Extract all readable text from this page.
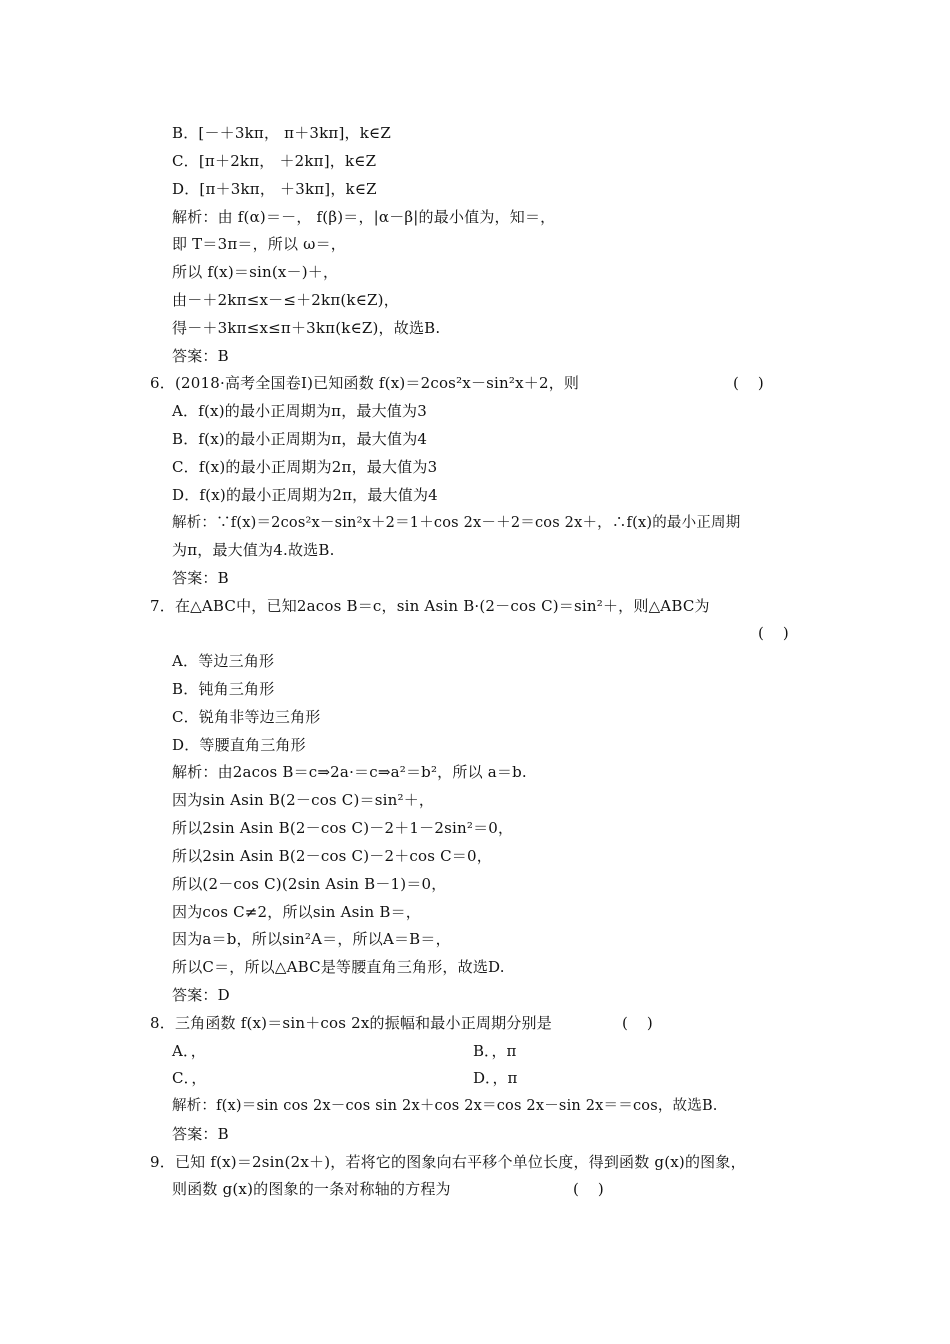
B．[－＋3kπ， π＋3kπ]，k∈Z
C．[π＋2kπ， ＋2kπ]，k∈Z
D．[π＋3kπ， ＋3kπ]，k∈Z
解析：由 f(α)＝－， f(β)＝，|α－β|的最小值为，知＝，
即 T＝3π＝，所以 ω＝，
所以 f(x)＝sin(x－)＋，
由－＋2kπ≤x－≤＋2kπ(k∈Z)，
得－＋3kπ≤x≤π＋3kπ(k∈Z)，故选B.
答案：B
6．(2018·高考全国卷Ⅰ)已知函数 f(x)＝2cos²x－sin²x＋2，则	(    )
A．f(x)的最小正周期为π，最大值为3
B．f(x)的最小正周期为π，最大值为4
C．f(x)的最小正周期为2π，最大值为3
D．f(x)的最小正周期为2π，最大值为4
解析：∵f(x)＝2cos²x－sin²x＋2＝1＋cos 2x－＋2＝cos 2x＋，∴f(x)的最小正周期
为π，最大值为4.故选B.
答案：B
7．在△ABC中，已知2acos B＝c，sin Asin B·(2－cos C)＝sin²＋，则△ABC为
(    )
A．等边三角形
B．钝角三角形
C．锐角非等边三角形
D．等腰直角三角形
解析：由2acos B＝c⇒2a·＝c⇒a²＝b²，所以 a＝b.
因为sin Asin B(2－cos C)＝sin²＋，
所以2sin Asin B(2－cos C)－2＋1－2sin²＝0，
所以2sin Asin B(2－cos C)－2＋cos C＝0，
所以(2－cos C)(2sin Asin B－1)＝0，
因为cos C≠2，所以sin Asin B＝，
因为a＝b，所以sin²A＝，所以A＝B＝，
所以C＝，所以△ABC是等腰直角三角形，故选D.
答案：D
8．三角函数 f(x)＝sin＋cos 2x的振幅和最小正周期分别是	(    )
A．，	B．，π
C．，	D．，π
解析：f(x)＝sin cos 2x－cos sin 2x＋cos 2x＝cos 2x－sin 2x＝＝cos，故选B.
答案：B
9．已知 f(x)＝2sin(2x＋)，若将它的图象向右平移个单位长度，得到函数 g(x)的图象，
则函数 g(x)的图象的一条对称轴的方程为	(    )
